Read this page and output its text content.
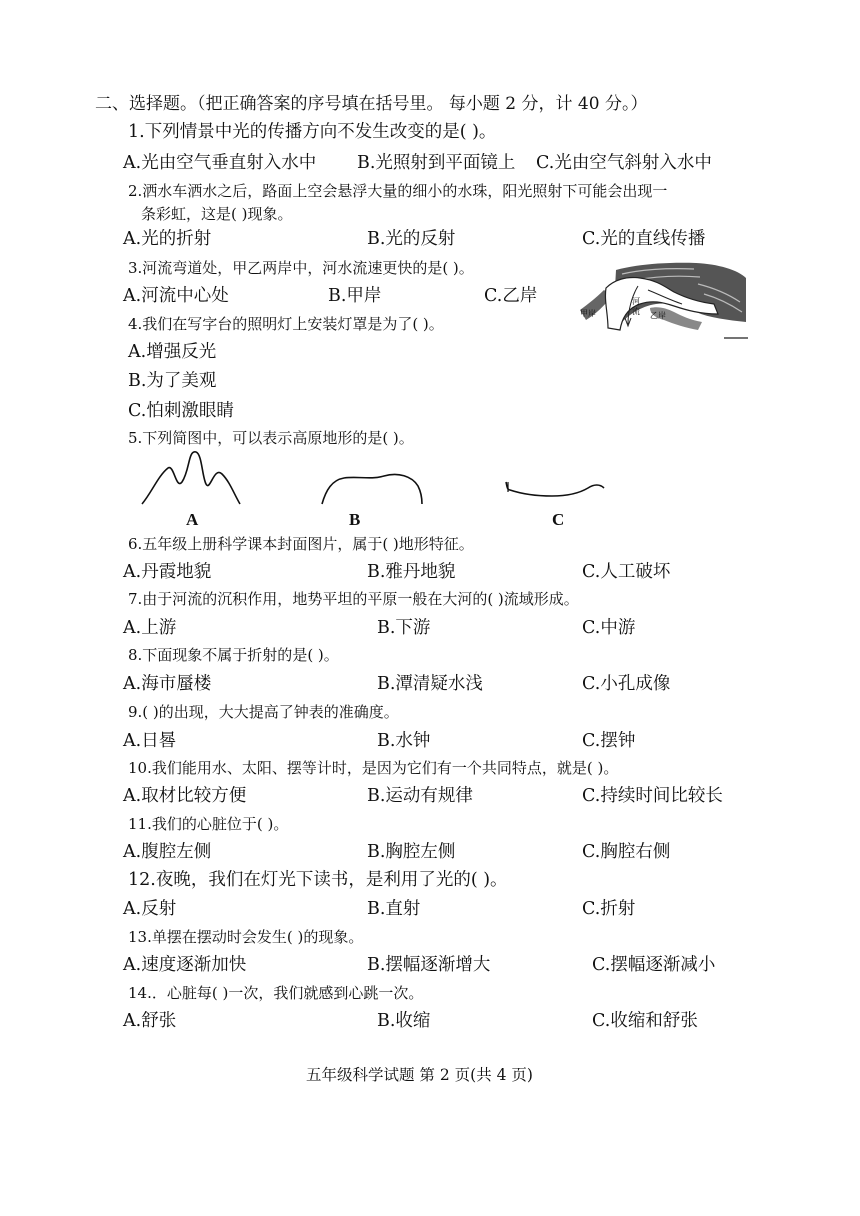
二、选择题。（把正确答案的序号填在括号里。 每小题 2 分，计 40 分。）
1.下列情景中光的传播方向不发生改变的是( )。
A.光由空气垂直射入水中 B.光照射到平面镜上 C.光由空气斜射入水中
2.洒水车洒水之后，路面上空会悬浮大量的细小的水珠，阳光照射下可能会出现一
条彩虹，这是( )现象。
A.光的折射	B.光的反射	C.光的直线传播
3.河流弯道处，甲乙两岸中，河水流速更快的是( )。
A.河流中心处	B.甲岸	C.乙岸
甲岸
河
流 乙岸
4.我们在写字台的照明灯上安装灯罩是为了( )。
A.增强反光
B.为了美观
C.怕刺激眼睛
5.下列简图中，可以表示高原地形的是( )。
A	B	C
6.五年级上册科学课本封面图片，属于( )地形特征。
A.丹霞地貌	B.雅丹地貌	C.人工破坏
7.由于河流的沉积作用，地势平坦的平原一般在大河的( )流域形成。
A.上游	B.下游	C.中游
8.下面现象不属于折射的是( )。
A.海市蜃楼	B.潭清疑水浅	C.小孔成像
9.( )的出现，大大提高了钟表的准确度。
A.日晷	B.水钟	C.摆钟
10.我们能用水、太阳、摆等计时，是因为它们有一个共同特点，就是( )。
A.取材比较方便	B.运动有规律	C.持续时间比较长
11.我们的心脏位于( )。
A.腹腔左侧	B.胸腔左侧	C.胸腔右侧
12.夜晚，我们在灯光下读书，是利用了光的( )。
A.反射	B.直射	C.折射
13.单摆在摆动时会发生( )的现象。
A.速度逐渐加快	B.摆幅逐渐增大	C.摆幅逐渐减小
14.．心脏每( )一次，我们就感到心跳一次。
A.舒张	B.收缩	C.收缩和舒张
五年级科学试题 第 2 页(共 4 页)
